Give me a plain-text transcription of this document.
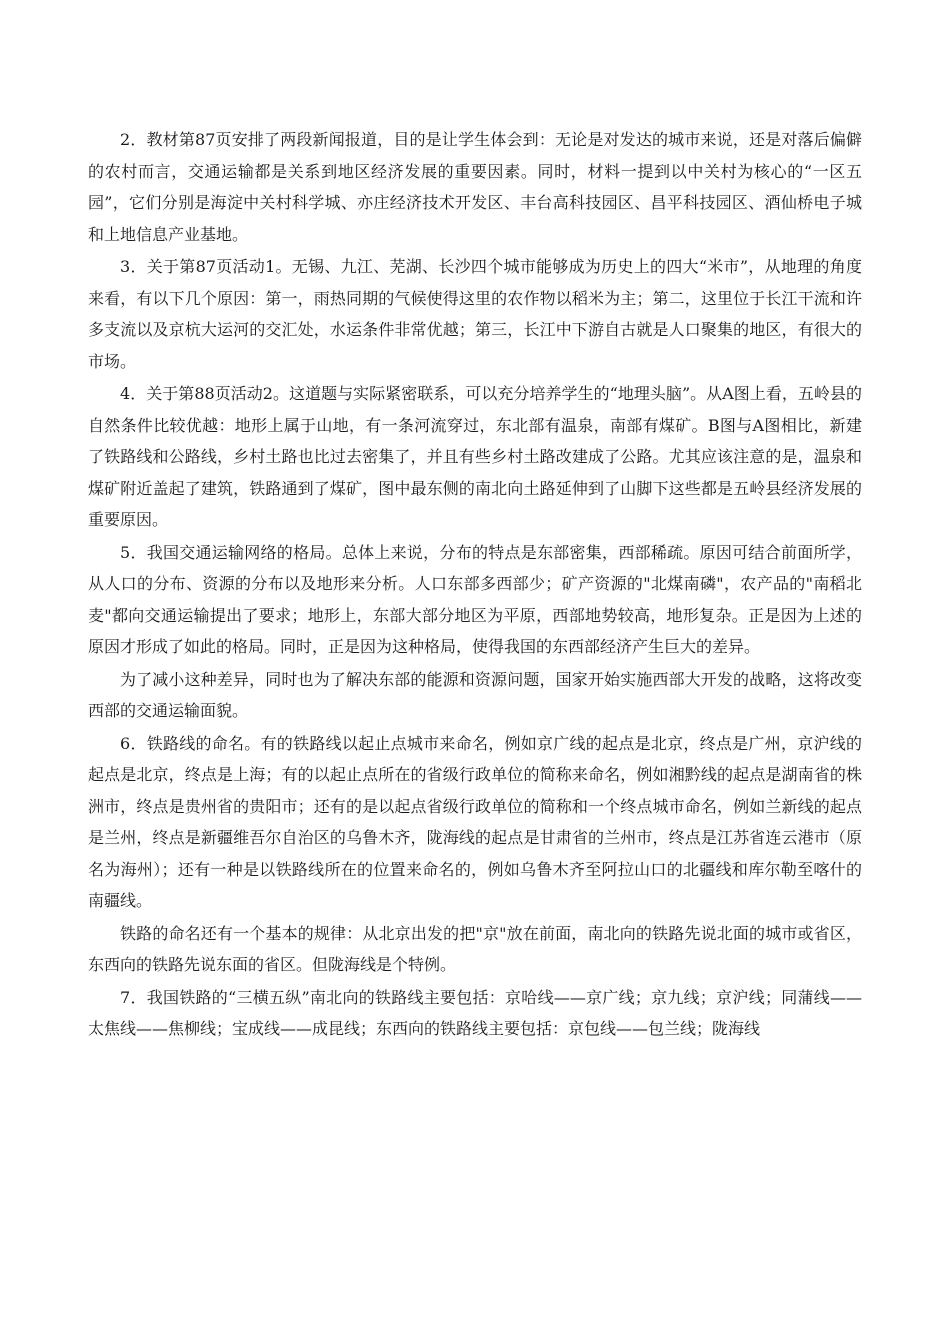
2．教材第87页安排了两段新闻报道，目的是让学生体会到：无论是对发达的城市来说，还是对落后偏僻的农村而言，交通运输都是关系到地区经济发展的重要因素。同时，材料一提到以中关村为核心的“一区五园”，它们分别是海淀中关村科学城、亦庄经济技术开发区、丰台高科技园区、昌平科技园区、酒仙桥电子城和上地信息产业基地。

3．关于第87页活动1。无锡、九江、芜湖、长沙四个城市能够成为历史上的四大“米市”，从地理的角度来看，有以下几个原因：第一，雨热同期的气候使得这里的农作物以稻米为主；第二，这里位于长江干流和许多支流以及京杭大运河的交汇处，水运条件非常优越；第三，长江中下游自古就是人口聚集的地区，有很大的市场。

4．关于第88页活动2。这道题与实际紧密联系，可以充分培养学生的“地理头脑”。从A图上看，五岭县的自然条件比较优越：地形上属于山地，有一条河流穿过，东北部有温泉，南部有煤矿。B图与A图相比，新建了铁路线和公路线，乡村土路也比过去密集了，并且有些乡村土路改建成了公路。尤其应该注意的是，温泉和煤矿附近盖起了建筑，铁路通到了煤矿，图中最东侧的南北向土路延伸到了山脚下这些都是五岭县经济发展的重要原因。

5．我国交通运输网络的格局。总体上来说，分布的特点是东部密集，西部稀疏。原因可结合前面所学，从人口的分布、资源的分布以及地形来分析。人口东部多西部少；矿产资源的"北煤南磷"，农产品的"南稻北麦"都向交通运输提出了要求；地形上，东部大部分地区为平原，西部地势较高，地形复杂。正是因为上述的原因才形成了如此的格局。同时，正是因为这种格局，使得我国的东西部经济产生巨大的差异。

为了减小这种差异，同时也为了解决东部的能源和资源问题，国家开始实施西部大开发的战略，这将改变西部的交通运输面貌。

6．铁路线的命名。有的铁路线以起止点城市来命名，例如京广线的起点是北京，终点是广州，京沪线的起点是北京，终点是上海；有的以起止点所在的省级行政单位的简称来命名，例如湘黔线的起点是湖南省的株洲市，终点是贵州省的贵阳市；还有的是以起点省级行政单位的简称和一个终点城市命名，例如兰新线的起点是兰州，终点是新疆维吾尔自治区的乌鲁木齐，陇海线的起点是甘肃省的兰州市，终点是江苏省连云港市（原名为海州）；还有一种是以铁路线所在的位置来命名的，例如乌鲁木齐至阿拉山口的北疆线和库尔勒至喀什的南疆线。

铁路的命名还有一个基本的规律：从北京出发的把"京"放在前面，南北向的铁路先说北面的城市或省区，东西向的铁路先说东面的省区。但陇海线是个特例。

7．我国铁路的“三横五纵”南北向的铁路线主要包括：京哈线——京广线；京九线；京沪线；同蒲线——太焦线——焦柳线；宝成线——成昆线；东西向的铁路线主要包括：京包线——包兰线；陇海线
